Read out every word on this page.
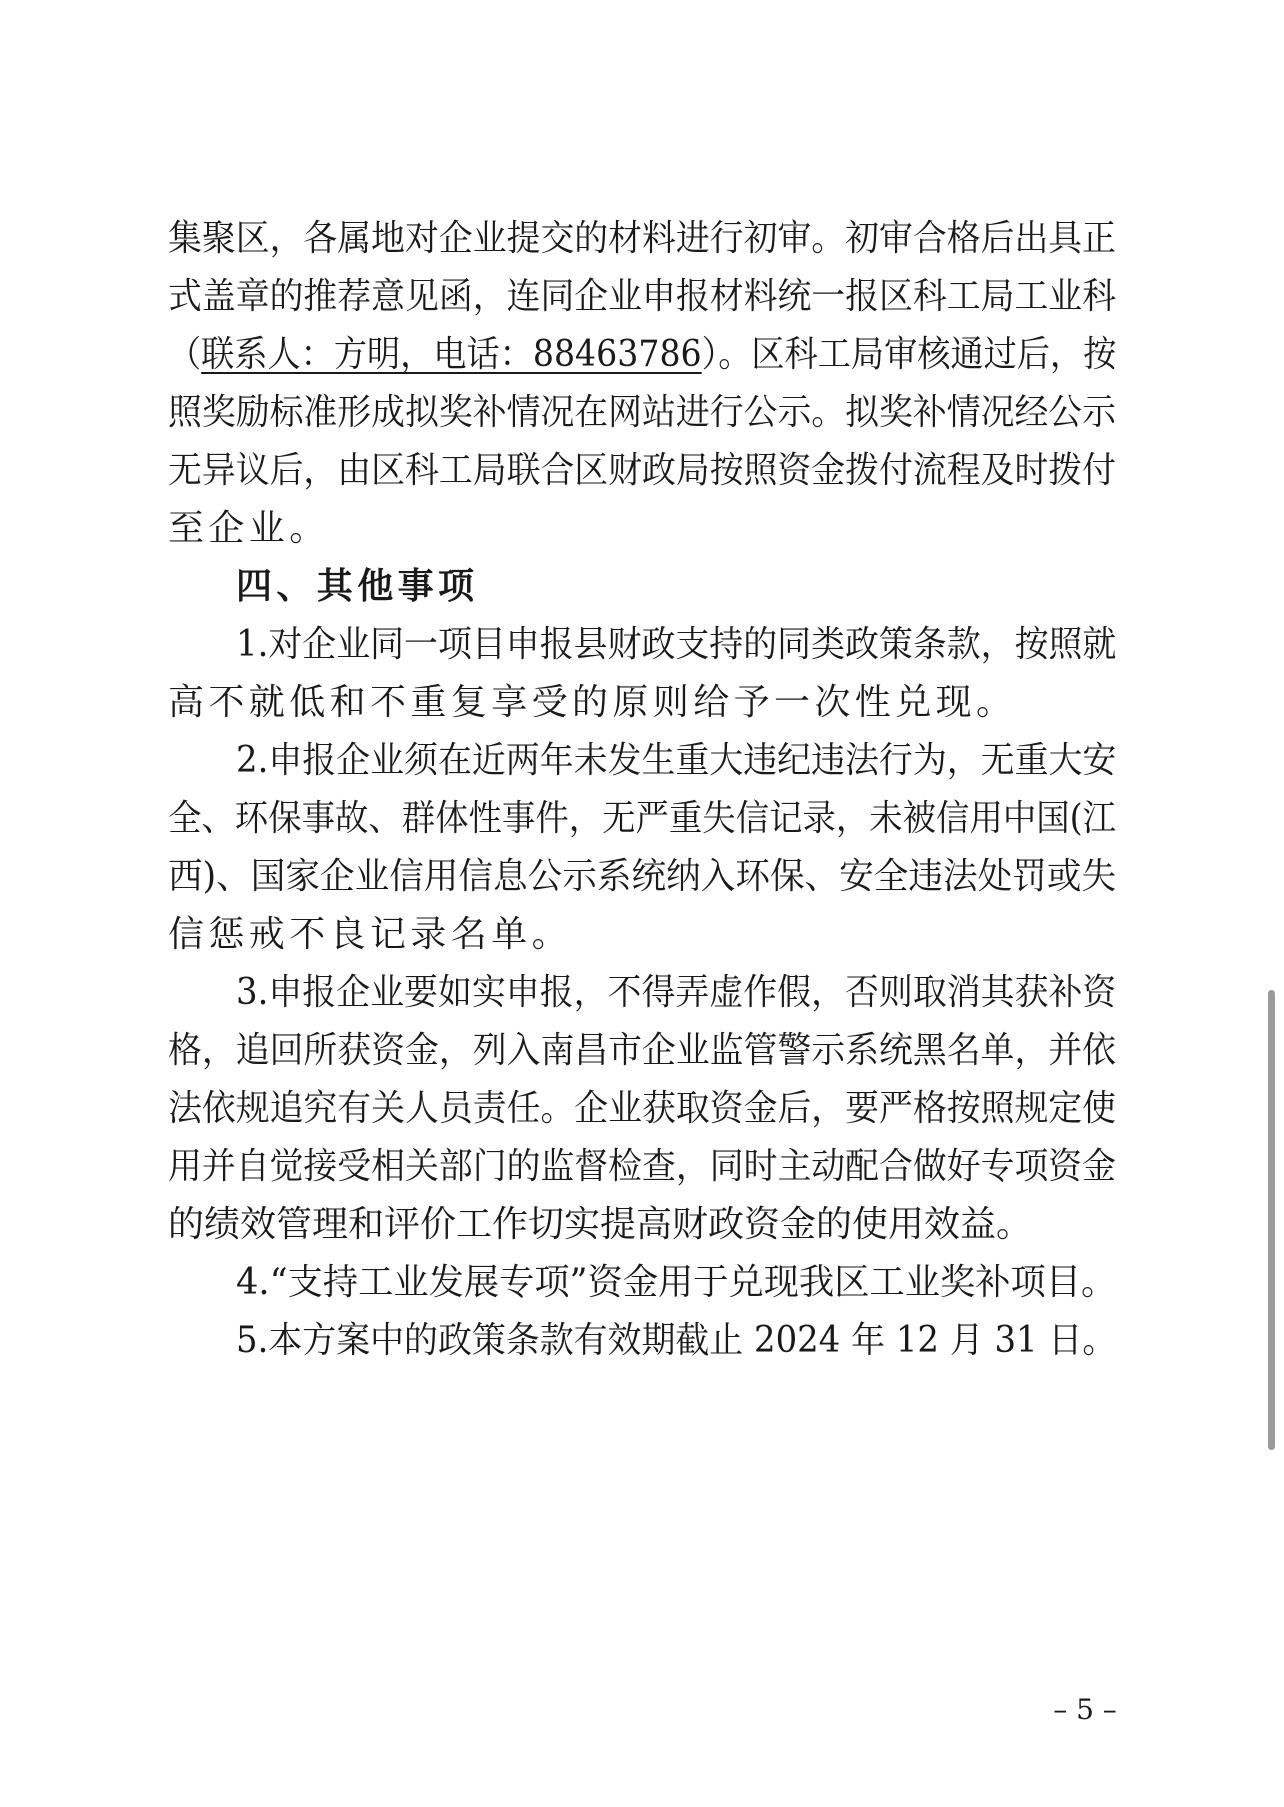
集聚区，各属地对企业提交的材料进行初审。初审合格后出具正
式盖章的推荐意见函，连同企业申报材料统一报区科工局工业科
（联系人：方明，电话：88463786）。区科工局审核通过后，按
照奖励标准形成拟奖补情况在网站进行公示。拟奖补情况经公示
无异议后，由区科工局联合区财政局按照资金拨付流程及时拨付
至企业。
四、其他事项
1.对企业同一项目申报县财政支持的同类政策条款，按照就
高不就低和不重复享受的原则给予一次性兑现。
2.申报企业须在近两年未发生重大违纪违法行为，无重大安
全、环保事故、群体性事件，无严重失信记录，未被信用中国(江
西)、国家企业信用信息公示系统纳入环保、安全违法处罚或失
信惩戒不良记录名单。
3.申报企业要如实申报，不得弄虚作假，否则取消其获补资
格，追回所获资金，列入南昌市企业监管警示系统黑名单，并依
法依规追究有关人员责任。企业获取资金后，要严格按照规定使
用并自觉接受相关部门的监督检查，同时主动配合做好专项资金
的绩效管理和评价工作切实提高财政资金的使用效益。
4.“支持工业发展专项”资金用于兑现我区工业奖补项目。
5.本方案中的政策条款有效期截止 2024 年 12 月 31 日。
– 5 –
